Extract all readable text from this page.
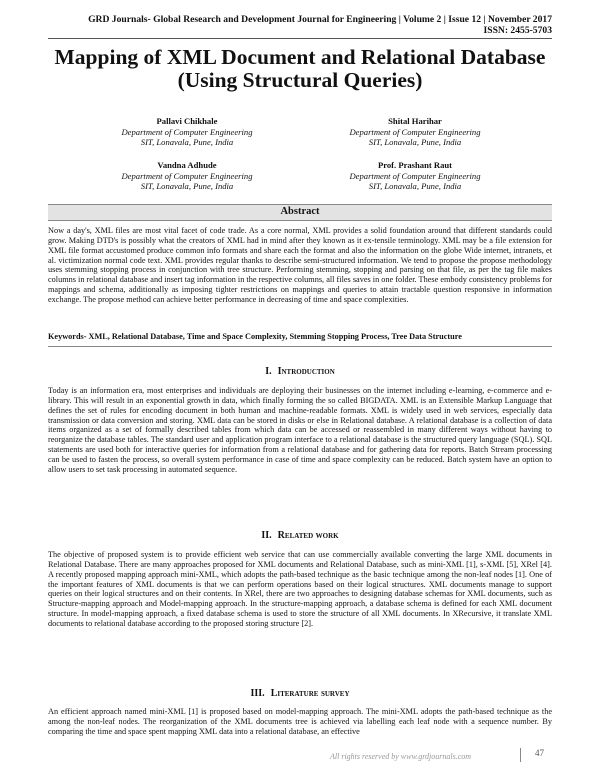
GRD Journals- Global Research and Development Journal for Engineering | Volume 2 | Issue 12 | November 2017
ISSN: 2455-5703
Mapping of XML Document and Relational Database (Using Structural Queries)
Pallavi Chikhale
Department of Computer Engineering
SIT, Lonavala, Pune, India
Shital Harihar
Department of Computer Engineering
SIT, Lonavala, Pune, India
Vandna Adhude
Department of Computer Engineering
SIT, Lonavala, Pune, India
Prof. Prashant Raut
Department of Computer Engineering
SIT, Lonavala, Pune, India
Abstract

Now a day's, XML files are most vital facet of code trade. As a core normal, XML provides a solid foundation around that different standards could grow. Making DTD's is possibly what the creators of XML had in mind after they known as it ex-tensile terminology. XML may be a file extension for XML file format accustomed produce common info formats and share each the format and also the information on the globe Wide internet, intranets, et al. victimization normal code text. XML provides regular thanks to describe semi-structured information. We tend to propose the propose methodology uses stemming stopping process in conjunction with tree structure. Performing stemming, stopping and parsing on that file, as per the tag file makes columns in relational database and insert tag information in the respective columns, all files saves in one folder. These embody consistency problems for mappings and schema, additionally as imposing tighter restrictions on mappings and queries to attain tractable question responsive in information exchange. The propose method can achieve better performance in decreasing of time and space complexities.

Keywords- XML, Relational Database, Time and Space Complexity, Stemming Stopping Process, Tree Data Structure
I. Introduction

Today is an information era, most enterprises and individuals are deploying their businesses on the internet including e-learning, e-commerce and e-library. This will result in an exponential growth in data, which finally forming the so called BIGDATA. XML is an Extensible Markup Language that defines the set of rules for encoding document in both human and machine-readable formats. XML is widely used in web services, especially data transmission or data conversion and storing. XML data can be stored in disks or else in Relational database. A relational database is a collection of data items organized as a set of formally described tables from which data can be accessed or reassembled in many different ways without having to reorganize the database tables. The standard user and application program interface to a relational database is the structured query language (SQL). SQL statements are used both for interactive queries for information from a relational database and for gathering data for reports. Batch Stream processing can be used to fasten the process, so overall system performance in case of time and space complexity can be reduced. Batch system have an option to allow users to set task processing in automated sequence.

II. Related work

The objective of proposed system is to provide efficient web service that can use commercially available converting the large XML documents in Relational Database. There are many approaches proposed for XML documents and Relational Database, such as mini-XML [1], s-XML [5], XRel [4]. A recently proposed mapping approach mini-XML, which adopts the path-based technique as the basic technique among the non-leaf nodes [1]. One of the important features of XML documents is that we can perform operations based on their logical structures. XML documents manage to support queries on their logical structures and on their contents. In XRel, there are two approaches to designing database schemas for XML documents, such as Structure-mapping approach and Model-mapping approach. In the structure-mapping approach, a database schema is defined for each XML document structure. In model-mapping approach, a fixed database schema is used to store the structure of all XML documents. In XRecursive, it translate XML documents to relational database according to the proposed storing structure [2].

III. Literature survey

An efficient approach named mini-XML [1] is proposed based on model-mapping approach. The mini-XML adopts the path-based technique as the among the non-leaf nodes. The reorganization of the XML documents tree is achieved via labelling each leaf node with a sequence number. By comparing the time and space spent mapping XML data into a relational database, an effective

All rights reserved by www.grdjournals.com	47
